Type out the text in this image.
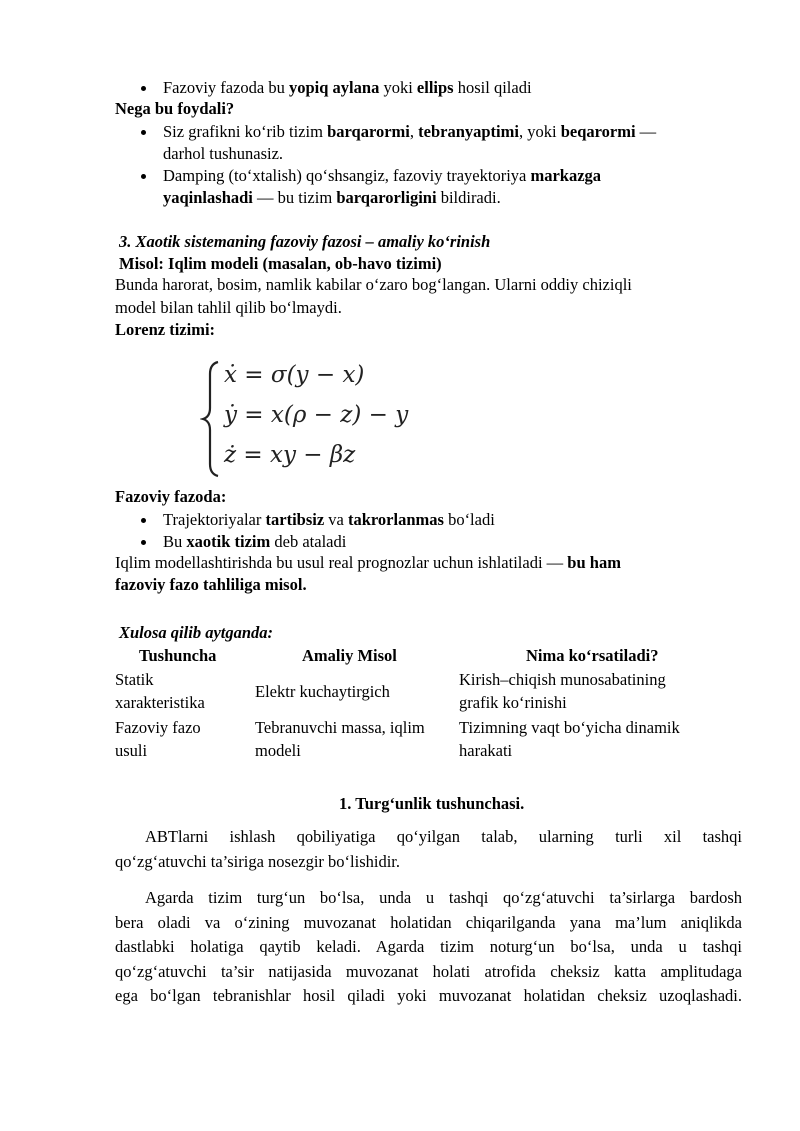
Fazoviy fazoda bu yopiq aylana yoki ellips hosil qiladi
Nega bu foydali?
Siz grafikni ko‘rib tizim barqarormi, tebranyaptimi, yoki beqarormi —
darhol tushunasiz.
Damping (to‘xtalish) qo‘shsangiz, fazoviy trayektoriya markazga
yaqinlashadi — bu tizim barqarorligini bildiradi.
3. Xaotik sistemaning fazoviy fazosi – amaliy ko‘rinish
Misol: Iqlim modeli (masalan, ob-havo tizimi)
Bunda harorat, bosim, namlik kabilar o‘zaro bog‘langan. Ularni oddiy chiziqli
model bilan tahlil qilib bo‘lmaydi.
Lorenz tizimi:
ẋ = σ(y − x)
ẏ = x(ρ − z) − y
ż = xy − βz
Fazoviy fazoda:
Trajektoriyalar tartibsiz va takrorlanmas bo‘ladi
Bu xaotik tizim deb ataladi
Iqlim modellashtirishda bu usul real prognozlar uchun ishlatiladi — bu ham
fazoviy fazo tahliliga misol.
Xulosa qilib aytganda:
Tushuncha	Amaliy Misol	Nima ko‘rsatiladi?
Statik
xarakteristika
Elektr kuchaytirgich
Kirish–chiqish munosabatining
grafik ko‘rinishi
Fazoviy fazo
usuli
Tebranuvchi massa, iqlim
modeli
Tizimning vaqt bo‘yicha dinamik
harakati
1. Turg‘unlik tushunchasi.
ABTlarni ishlash qobiliyatiga qo‘yilgan talab, ularning turli xil tashqi
qo‘zg‘atuvchi ta’siriga nosezgir bo‘lishidir.
Agarda tizim turg‘un bo‘lsa, unda u tashqi qo‘zg‘atuvchi ta’sirlarga bardosh
bera oladi va o‘zining muvozanat holatidan chiqarilganda yana ma’lum aniqlikda
dastlabki holatiga qaytib keladi. Agarda tizim noturg‘un bo‘lsa, unda u tashqi
qo‘zg‘atuvchi ta’sir natijasida muvozanat holati atrofida cheksiz katta amplitudaga
ega bo‘lgan tebranishlar hosil qiladi yoki muvozanat holatidan cheksiz uzoqlashadi.
